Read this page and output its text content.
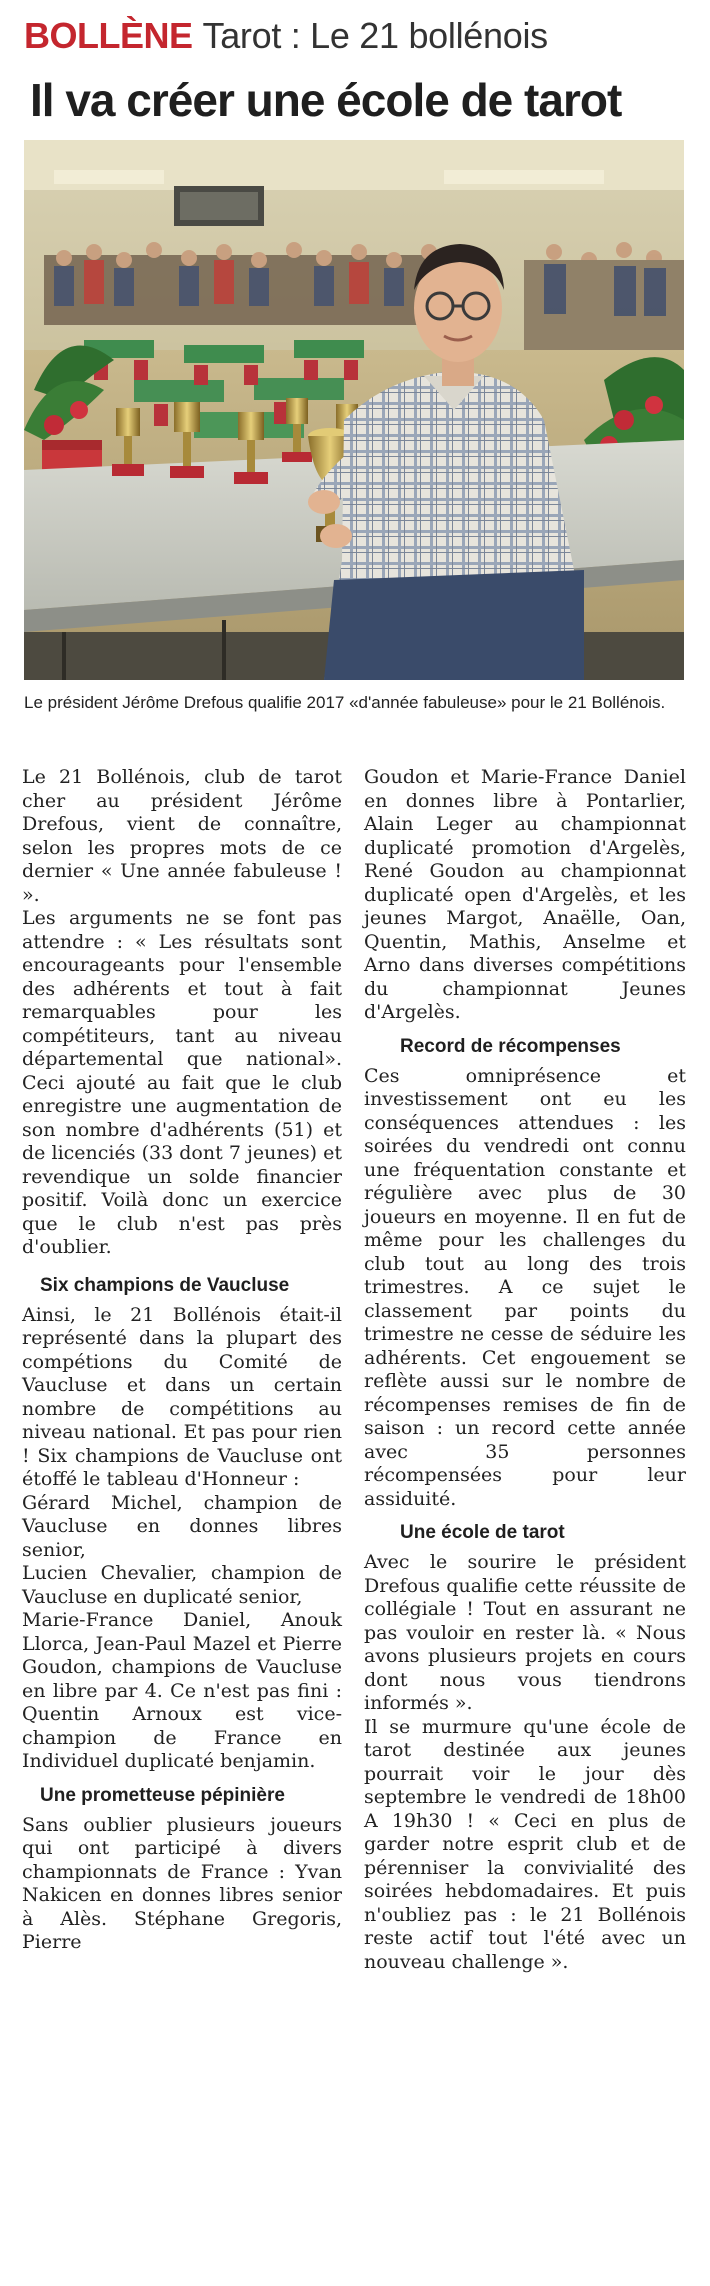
BOLLÈNE Tarot : Le 21 bollénois
Il va créer une école de tarot

Le président Jérôme Drefous qualifie 2017 «d'année fabuleuse» pour le 21 Bollénois.

Le 21 Bollénois, club de tarot cher au président Jérôme Drefous, vient de connaître, selon les propres mots de ce dernier « Une année fabuleuse ! ».

Les arguments ne se font pas attendre : « Les résultats sont encourageants pour l'ensemble des adhérents et tout à fait remarquables pour les compétiteurs, tant au niveau départemental que national». Ceci ajouté au fait que le club enregistre une augmentation de son nombre d'adhérents (51) et de licenciés (33 dont 7 jeunes) et revendique un solde financier positif. Voilà donc un exercice que le club n'est pas près d'oublier.

Six champions de Vaucluse

Ainsi, le 21 Bollénois était-il représenté dans la plupart des compétions du Comité de Vaucluse et dans un certain nombre de compétitions au niveau national. Et pas pour rien ! Six champions de Vaucluse ont étoffé le tableau d'Honneur :

Gérard Michel, champion de Vaucluse en donnes libres senior,

Lucien Chevalier, champion de Vaucluse en duplicaté senior,

Marie-France Daniel, Anouk Llorca, Jean-Paul Mazel et Pierre Goudon, champions de Vaucluse en libre par 4. Ce n'est pas fini : Quentin Arnoux est vice-champion de France en Individuel duplicaté benjamin.

Une prometteuse pépinière

Sans oublier plusieurs joueurs qui ont participé à divers championnats de France : Yvan Nakicen en donnes libres senior à Alès. Stéphane Gregoris, Pierre

Goudon et Marie-France Daniel en donnes libre à Pontarlier, Alain Leger au championnat duplicaté promotion d'Argelès, René Goudon au championnat duplicaté open d'Argelès, et les jeunes Margot, Anaëlle, Oan, Quentin, Mathis, Anselme et Arno dans diverses compétitions du championnat Jeunes d'Argelès.

Record de récompenses

Ces omniprésence et investissement ont eu les conséquences attendues : les soirées du vendredi ont connu une fréquentation constante et régulière avec plus de 30 joueurs en moyenne. Il en fut de même pour les challenges du club tout au long des trois trimestres. A ce sujet le classement par points du trimestre ne cesse de séduire les adhérents. Cet engouement se reflète aussi sur le nombre de récompenses remises de fin de saison : un record cette année avec 35 personnes récompensées pour leur assiduité.

Une école de tarot

Avec le sourire le président Drefous qualifie cette réussite de collégiale ! Tout en assurant ne pas vouloir en rester là. « Nous avons plusieurs projets en cours dont nous vous tiendrons informés ».

Il se murmure qu'une école de tarot destinée aux jeunes pourrait voir le jour dès septembre le vendredi de 18h00 A 19h30 ! « Ceci en plus de garder notre esprit club et de pérenniser la convivialité des soirées hebdomadaires. Et puis n'oubliez pas : le 21 Bollénois reste actif tout l'été avec un nouveau challenge ».
